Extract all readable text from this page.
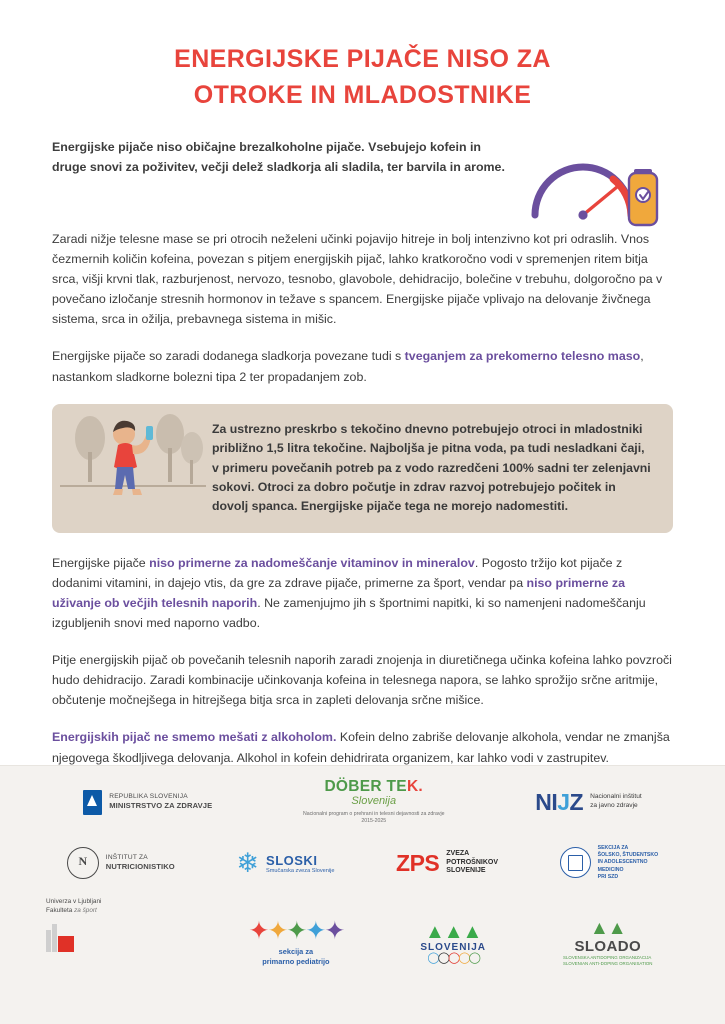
ENERGIJSKE PIJAČE NISO ZA
OTROKE IN MLADOSTNIKE

Energijske pijače niso običajne brezalkoholne pijače. Vsebujejo kofein in druge snovi za poživitev, večji delež sladkorja ali sladila, ter barvila in arome.

Zaradi nižje telesne mase se pri otrocih neželeni učinki pojavijo hitreje in bolj intenzivno kot pri odraslih. Vnos čezmernih količin kofeina, povezan s pitjem energijskih pijač, lahko kratkoročno vodi v spremenjen ritem bitja srca, višji krvni tlak, razburjenost, nervozo, tesnobo, glavobole, dehidracijo, bolečine v trebuhu, dolgoročno pa v povečano izločanje stresnih hormonov in težave s spancem. Energijske pijače vplivajo na delovanje živčnega sistema, srca in ožilja, prebavnega sistema in mišic.

Energijske pijače so zaradi dodanega sladkorja povezane tudi s tveganjem za prekomerno telesno maso, nastankom sladkorne bolezni tipa 2 ter propadanjem zob.

Za ustrezno preskrbo s tekočino dnevno potrebujejo otroci in mladostniki približno 1,5 litra tekočine. Najboljša je pitna voda, pa tudi nesladkani čaji, v primeru povečanih potreb pa z vodo razredčeni 100% sadni ter zelenjavni sokovi. Otroci za dobro počutje in zdrav razvoj potrebujejo počitek in dovolj spanca. Energijske pijače tega ne morejo nadomestiti.

Energijske pijače niso primerne za nadomeščanje vitaminov in mineralov. Pogosto tržijo kot pijače z dodanimi vitamini, in dajejo vtis, da gre za zdrave pijače, primerne za šport, vendar pa niso primerne za uživanje ob večjih telesnih naporih. Ne zamenjujmo jih s športnimi napitki, ki so namenjeni nadomeščanju izgubljenih snovi med naporno vadbo.

Pitje energijskih pijač ob povečanih telesnih naporih zaradi znojenja in diuretičnega učinka kofeina lahko povzroči hudo dehidracijo. Zaradi kombinacije učinkovanja kofeina in telesnega napora, se lahko sprožijo srčne aritmije, občutenje močnejšega in hitrejšega bitja srca in zapleti delovanja srčne mišice.

Energijskih pijač ne smemo mešati z alkoholom. Kofein delno zabriše delovanje alkohola, vendar ne zmanjša njegovega škodljivega delovanja. Alkohol in kofein dehidrirata organizem, kar lahko vodi v zastrupitev.

REPUBLIKA SLOVENIJA
MINISTRSTVO ZA ZDRAVJE
DÖBER TEK.
Slovenija
Nacionalni program o prehrani in telesni dejavnosti za zdravje 2015-2025
NIJZ Nacionalni inštitut
za javno zdravje
N
INŠTITUT ZA
NUTRICIONISTIKO ❄ SLOSKI
Smučarska zveza Slovenije	ZPS ZVEZA
POTROŠNIKOV
SLOVENIJE
SEKCIJA ZA
ŠOLSKO, ŠTUDENTSKO
IN ADOLESCENTNO
MEDICINO
PRI SZD
Univerza v Ljubljani
Fakulteta za šport
✦✦✦✦✦
sekcija za
primarno pediatrijo
▲▲▲
SLOVENIJA
◯◯◯◯◯
▲▲
SLOADO
SLOVENSKA ANTIDOPING ORGANIZACIJA
SLOVENIAN ANTI-DOPING ORGANISATION
